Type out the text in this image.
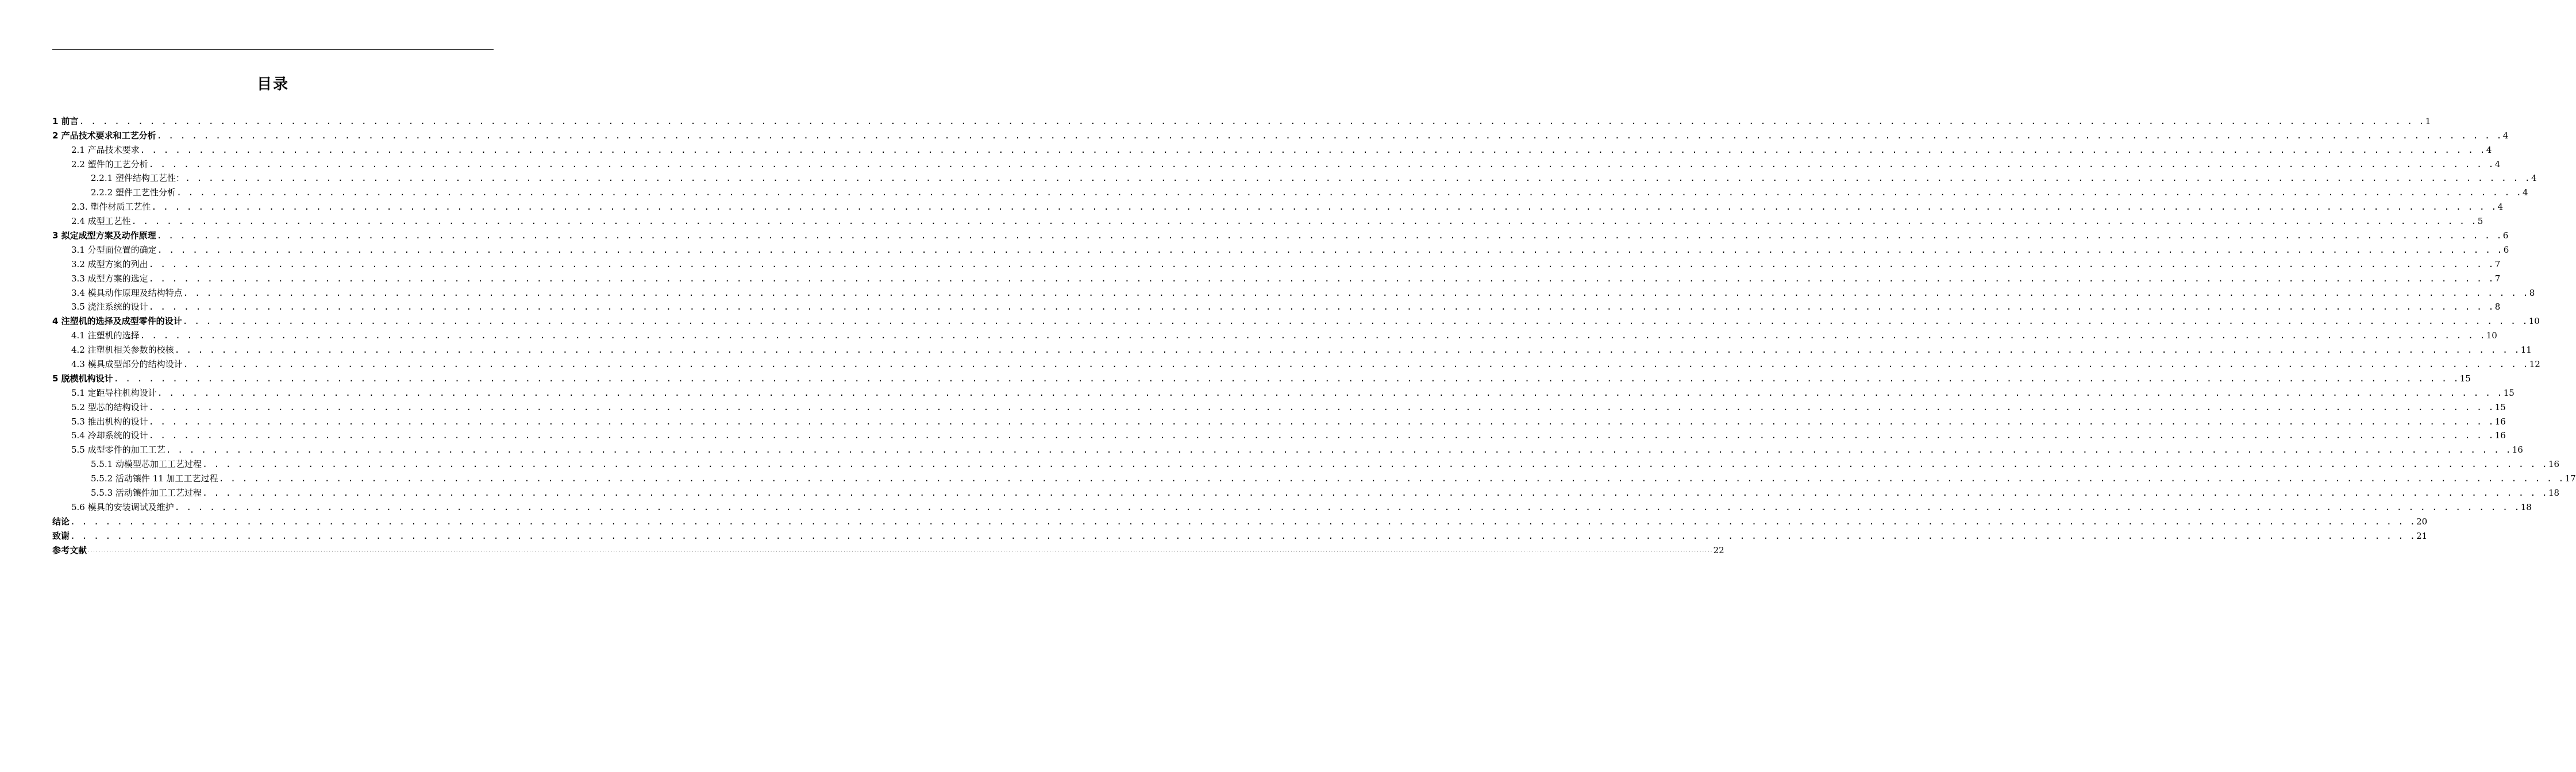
目录
1 前言 . . . . . . . . . . . . . . . . . . . . . . . . . . . . . . . . . . . . . . . . . . . . . . . . . . . . . . . . . . . . . . . . . . . . . . . . . . . . . . . . . . . . . . . . . . . . . . . . . . . . . . . . . . . . . . . . . . . . . . . . . . . . . . . . . . . . . . . . . . . . . . . . . . . . . . . . . . . . . . . . . . . . . . . . . . . . . . . . . . . . . . . . . . . . . . . . . . . . . . . . 1
2 产品技术要求和工艺分析 . . . . . . . . . . . . . . . . . . . . . . . . . . . . . . . . . . . . . . . . . . . . . . . . . . . . . . . . . . . . . . . . . . . . . . . . . . . . . . . . . . . . . . . . . . . . . . . . . . . . . . . . . . . . . . . . . . . . . . . . . . . . . . . . . . . . . . . . . . . . . . . . . . . . . . . . . . . . . . . . . . . . . . . . . . . . . . . . . . . . . . . . . . . . . . . . . . . . . . . . 4
2.1 产品技术要求 . . . . . . . . . . . . . . . . . . . . . . . . . . . . . . . . . . . . . . . . . . . . . . . . . . . . . . . . . . . . . . . . . . . . . . . . . . . . . . . . . . . . . . . . . . . . . . . . . . . . . . . . . . . . . . . . . . . . . . . . . . . . . . . . . . . . . . . . . . . . . . . . . . . . . . . . . . . . . . . . . . . . . . . . . . . . . . . . . . . . . . . . . . . . . . . . . . . . . . . . 4
2.2 塑件的工艺分析 . . . . . . . . . . . . . . . . . . . . . . . . . . . . . . . . . . . . . . . . . . . . . . . . . . . . . . . . . . . . . . . . . . . . . . . . . . . . . . . . . . . . . . . . . . . . . . . . . . . . . . . . . . . . . . . . . . . . . . . . . . . . . . . . . . . . . . . . . . . . . . . . . . . . . . . . . . . . . . . . . . . . . . . . . . . . . . . . . . . . . . . . . . . . . . . . . . . . . . . . 4
2.2.1 塑件结构工艺性： . . . . . . . . . . . . . . . . . . . . . . . . . . . . . . . . . . . . . . . . . . . . . . . . . . . . . . . . . . . . . . . . . . . . . . . . . . . . . . . . . . . . . . . . . . . . . . . . . . . . . . . . . . . . . . . . . . . . . . . . . . . . . . . . . . . . . . . . . . . . . . . . . . . . . . . . . . . . . . . . . . . . . . . . . . . . . . . . . . . . . . . . . . . . . . . . . . . . . . . . 4
2.2.2 塑件工艺性分析 . . . . . . . . . . . . . . . . . . . . . . . . . . . . . . . . . . . . . . . . . . . . . . . . . . . . . . . . . . . . . . . . . . . . . . . . . . . . . . . . . . . . . . . . . . . . . . . . . . . . . . . . . . . . . . . . . . . . . . . . . . . . . . . . . . . . . . . . . . . . . . . . . . . . . . . . . . . . . . . . . . . . . . . . . . . . . . . . . . . . . . . . . . . . . . . . . . . . . . . . 4
2.3. 塑件材质工艺性 . . . . . . . . . . . . . . . . . . . . . . . . . . . . . . . . . . . . . . . . . . . . . . . . . . . . . . . . . . . . . . . . . . . . . . . . . . . . . . . . . . . . . . . . . . . . . . . . . . . . . . . . . . . . . . . . . . . . . . . . . . . . . . . . . . . . . . . . . . . . . . . . . . . . . . . . . . . . . . . . . . . . . . . . . . . . . . . . . . . . . . . . . . . . . . . . . . . . . . . . 4
2.4 成型工艺性 . . . . . . . . . . . . . . . . . . . . . . . . . . . . . . . . . . . . . . . . . . . . . . . . . . . . . . . . . . . . . . . . . . . . . . . . . . . . . . . . . . . . . . . . . . . . . . . . . . . . . . . . . . . . . . . . . . . . . . . . . . . . . . . . . . . . . . . . . . . . . . . . . . . . . . . . . . . . . . . . . . . . . . . . . . . . . . . . . . . . . . . . . . . . . . . . . . . . . . . . 5
3 拟定成型方案及动作原理 . . . . . . . . . . . . . . . . . . . . . . . . . . . . . . . . . . . . . . . . . . . . . . . . . . . . . . . . . . . . . . . . . . . . . . . . . . . . . . . . . . . . . . . . . . . . . . . . . . . . . . . . . . . . . . . . . . . . . . . . . . . . . . . . . . . . . . . . . . . . . . . . . . . . . . . . . . . . . . . . . . . . . . . . . . . . . . . . . . . . . . . . . . . . . . . . . . . . . . . . 6
3.1 分型面位置的确定 . . . . . . . . . . . . . . . . . . . . . . . . . . . . . . . . . . . . . . . . . . . . . . . . . . . . . . . . . . . . . . . . . . . . . . . . . . . . . . . . . . . . . . . . . . . . . . . . . . . . . . . . . . . . . . . . . . . . . . . . . . . . . . . . . . . . . . . . . . . . . . . . . . . . . . . . . . . . . . . . . . . . . . . . . . . . . . . . . . . . . . . . . . . . . . . . . . . . . . . . 6
3.2 成型方案的列出 . . . . . . . . . . . . . . . . . . . . . . . . . . . . . . . . . . . . . . . . . . . . . . . . . . . . . . . . . . . . . . . . . . . . . . . . . . . . . . . . . . . . . . . . . . . . . . . . . . . . . . . . . . . . . . . . . . . . . . . . . . . . . . . . . . . . . . . . . . . . . . . . . . . . . . . . . . . . . . . . . . . . . . . . . . . . . . . . . . . . . . . . . . . . . . . . . . . . . . . . 7
3.3 成型方案的选定 . . . . . . . . . . . . . . . . . . . . . . . . . . . . . . . . . . . . . . . . . . . . . . . . . . . . . . . . . . . . . . . . . . . . . . . . . . . . . . . . . . . . . . . . . . . . . . . . . . . . . . . . . . . . . . . . . . . . . . . . . . . . . . . . . . . . . . . . . . . . . . . . . . . . . . . . . . . . . . . . . . . . . . . . . . . . . . . . . . . . . . . . . . . . . . . . . . . . . . . . 7
3.4 模具动作原理及结构特点 . . . . . . . . . . . . . . . . . . . . . . . . . . . . . . . . . . . . . . . . . . . . . . . . . . . . . . . . . . . . . . . . . . . . . . . . . . . . . . . . . . . . . . . . . . . . . . . . . . . . . . . . . . . . . . . . . . . . . . . . . . . . . . . . . . . . . . . . . . . . . . . . . . . . . . . . . . . . . . . . . . . . . . . . . . . . . . . . . . . . . . . . . . . . . . . . . . . . . . . . 8
3.5 浇注系统的设计 . . . . . . . . . . . . . . . . . . . . . . . . . . . . . . . . . . . . . . . . . . . . . . . . . . . . . . . . . . . . . . . . . . . . . . . . . . . . . . . . . . . . . . . . . . . . . . . . . . . . . . . . . . . . . . . . . . . . . . . . . . . . . . . . . . . . . . . . . . . . . . . . . . . . . . . . . . . . . . . . . . . . . . . . . . . . . . . . . . . . . . . . . . . . . . . . . . . . . . . . 8
4 注塑机的选择及成型零件的设计 . . . . . . . . . . . . . . . . . . . . . . . . . . . . . . . . . . . . . . . . . . . . . . . . . . . . . . . . . . . . . . . . . . . . . . . . . . . . . . . . . . . . . . . . . . . . . . . . . . . . . . . . . . . . . . . . . . . . . . . . . . . . . . . . . . . . . . . . . . . . . . . . . . . . . . . . . . . . . . . . . . . . . . . . . . . . . . . . . . . . . . . . . . . . . . . . . . . . . . . . 10
4.1 注塑机的选择 . . . . . . . . . . . . . . . . . . . . . . . . . . . . . . . . . . . . . . . . . . . . . . . . . . . . . . . . . . . . . . . . . . . . . . . . . . . . . . . . . . . . . . . . . . . . . . . . . . . . . . . . . . . . . . . . . . . . . . . . . . . . . . . . . . . . . . . . . . . . . . . . . . . . . . . . . . . . . . . . . . . . . . . . . . . . . . . . . . . . . . . . . . . . . . . . . . . . . . . . 10
4.2 注塑机相关参数的校核 . . . . . . . . . . . . . . . . . . . . . . . . . . . . . . . . . . . . . . . . . . . . . . . . . . . . . . . . . . . . . . . . . . . . . . . . . . . . . . . . . . . . . . . . . . . . . . . . . . . . . . . . . . . . . . . . . . . . . . . . . . . . . . . . . . . . . . . . . . . . . . . . . . . . . . . . . . . . . . . . . . . . . . . . . . . . . . . . . . . . . . . . . . . . . . . . . . . . . . . . 11
4.3 模具成型部分的结构设计 . . . . . . . . . . . . . . . . . . . . . . . . . . . . . . . . . . . . . . . . . . . . . . . . . . . . . . . . . . . . . . . . . . . . . . . . . . . . . . . . . . . . . . . . . . . . . . . . . . . . . . . . . . . . . . . . . . . . . . . . . . . . . . . . . . . . . . . . . . . . . . . . . . . . . . . . . . . . . . . . . . . . . . . . . . . . . . . . . . . . . . . . . . . . . . . . . . . . . . . . 12
5 脱模机构设计 . . . . . . . . . . . . . . . . . . . . . . . . . . . . . . . . . . . . . . . . . . . . . . . . . . . . . . . . . . . . . . . . . . . . . . . . . . . . . . . . . . . . . . . . . . . . . . . . . . . . . . . . . . . . . . . . . . . . . . . . . . . . . . . . . . . . . . . . . . . . . . . . . . . . . . . . . . . . . . . . . . . . . . . . . . . . . . . . . . . . . . . . . . . . . . . . . . . . . . . . 15
5.1 定距导柱机构设计 . . . . . . . . . . . . . . . . . . . . . . . . . . . . . . . . . . . . . . . . . . . . . . . . . . . . . . . . . . . . . . . . . . . . . . . . . . . . . . . . . . . . . . . . . . . . . . . . . . . . . . . . . . . . . . . . . . . . . . . . . . . . . . . . . . . . . . . . . . . . . . . . . . . . . . . . . . . . . . . . . . . . . . . . . . . . . . . . . . . . . . . . . . . . . . . . . . . . . . . . 15
5.2 型芯的结构设计 . . . . . . . . . . . . . . . . . . . . . . . . . . . . . . . . . . . . . . . . . . . . . . . . . . . . . . . . . . . . . . . . . . . . . . . . . . . . . . . . . . . . . . . . . . . . . . . . . . . . . . . . . . . . . . . . . . . . . . . . . . . . . . . . . . . . . . . . . . . . . . . . . . . . . . . . . . . . . . . . . . . . . . . . . . . . . . . . . . . . . . . . . . . . . . . . . . . . . . . . 15
5.3 推出机构的设计 . . . . . . . . . . . . . . . . . . . . . . . . . . . . . . . . . . . . . . . . . . . . . . . . . . . . . . . . . . . . . . . . . . . . . . . . . . . . . . . . . . . . . . . . . . . . . . . . . . . . . . . . . . . . . . . . . . . . . . . . . . . . . . . . . . . . . . . . . . . . . . . . . . . . . . . . . . . . . . . . . . . . . . . . . . . . . . . . . . . . . . . . . . . . . . . . . . . . . . . . 16
5.4 冷却系统的设计 . . . . . . . . . . . . . . . . . . . . . . . . . . . . . . . . . . . . . . . . . . . . . . . . . . . . . . . . . . . . . . . . . . . . . . . . . . . . . . . . . . . . . . . . . . . . . . . . . . . . . . . . . . . . . . . . . . . . . . . . . . . . . . . . . . . . . . . . . . . . . . . . . . . . . . . . . . . . . . . . . . . . . . . . . . . . . . . . . . . . . . . . . . . . . . . . . . . . . . . . 16
5.5 成型零件的加工工艺 . . . . . . . . . . . . . . . . . . . . . . . . . . . . . . . . . . . . . . . . . . . . . . . . . . . . . . . . . . . . . . . . . . . . . . . . . . . . . . . . . . . . . . . . . . . . . . . . . . . . . . . . . . . . . . . . . . . . . . . . . . . . . . . . . . . . . . . . . . . . . . . . . . . . . . . . . . . . . . . . . . . . . . . . . . . . . . . . . . . . . . . . . . . . . . . . . . . . . . . . 16
5.5.1 动模型芯加工工艺过程 . . . . . . . . . . . . . . . . . . . . . . . . . . . . . . . . . . . . . . . . . . . . . . . . . . . . . . . . . . . . . . . . . . . . . . . . . . . . . . . . . . . . . . . . . . . . . . . . . . . . . . . . . . . . . . . . . . . . . . . . . . . . . . . . . . . . . . . . . . . . . . . . . . . . . . . . . . . . . . . . . . . . . . . . . . . . . . . . . . . . . . . . . . . . . . . . . . . . . . . . 16
5.5.2 活动镶件 11 加工工艺过程 . . . . . . . . . . . . . . . . . . . . . . . . . . . . . . . . . . . . . . . . . . . . . . . . . . . . . . . . . . . . . . . . . . . . . . . . . . . . . . . . . . . . . . . . . . . . . . . . . . . . . . . . . . . . . . . . . . . . . . . . . . . . . . . . . . . . . . . . . . . . . . . . . . . . . . . . . . . . . . . . . . . . . . . . . . . . . . . . . . . . . . . . . . . . . . . . . . . . . . . . 17
5.5.3 活动镶件加工工艺过程 . . . . . . . . . . . . . . . . . . . . . . . . . . . . . . . . . . . . . . . . . . . . . . . . . . . . . . . . . . . . . . . . . . . . . . . . . . . . . . . . . . . . . . . . . . . . . . . . . . . . . . . . . . . . . . . . . . . . . . . . . . . . . . . . . . . . . . . . . . . . . . . . . . . . . . . . . . . . . . . . . . . . . . . . . . . . . . . . . . . . . . . . . . . . . . . . . . . . . . . . 18
5.6 模具的安装调试及维护 . . . . . . . . . . . . . . . . . . . . . . . . . . . . . . . . . . . . . . . . . . . . . . . . . . . . . . . . . . . . . . . . . . . . . . . . . . . . . . . . . . . . . . . . . . . . . . . . . . . . . . . . . . . . . . . . . . . . . . . . . . . . . . . . . . . . . . . . . . . . . . . . . . . . . . . . . . . . . . . . . . . . . . . . . . . . . . . . . . . . . . . . . . . . . . . . . . . . . . . . 18
结论 . . . . . . . . . . . . . . . . . . . . . . . . . . . . . . . . . . . . . . . . . . . . . . . . . . . . . . . . . . . . . . . . . . . . . . . . . . . . . . . . . . . . . . . . . . . . . . . . . . . . . . . . . . . . . . . . . . . . . . . . . . . . . . . . . . . . . . . . . . . . . . . . . . . . . . . . . . . . . . . . . . . . . . . . . . . . . . . . . . . . . . . . . . . . . . . . . . . . . . . . 20
致谢 . . . . . . . . . . . . . . . . . . . . . . . . . . . . . . . . . . . . . . . . . . . . . . . . . . . . . . . . . . . . . . . . . . . . . . . . . . . . . . . . . . . . . . . . . . . . . . . . . . . . . . . . . . . . . . . . . . . . . . . . . . . . . . . . . . . . . . . . . . . . . . . . . . . . . . . . . . . . . . . . . . . . . . . . . . . . . . . . . . . . . . . . . . . . . . . . . . . . . . . . 21
参考文献 ........................................................................................................................................................................................................................................................................................................................................................................................................................................................................................................................................................................................................................ 22
